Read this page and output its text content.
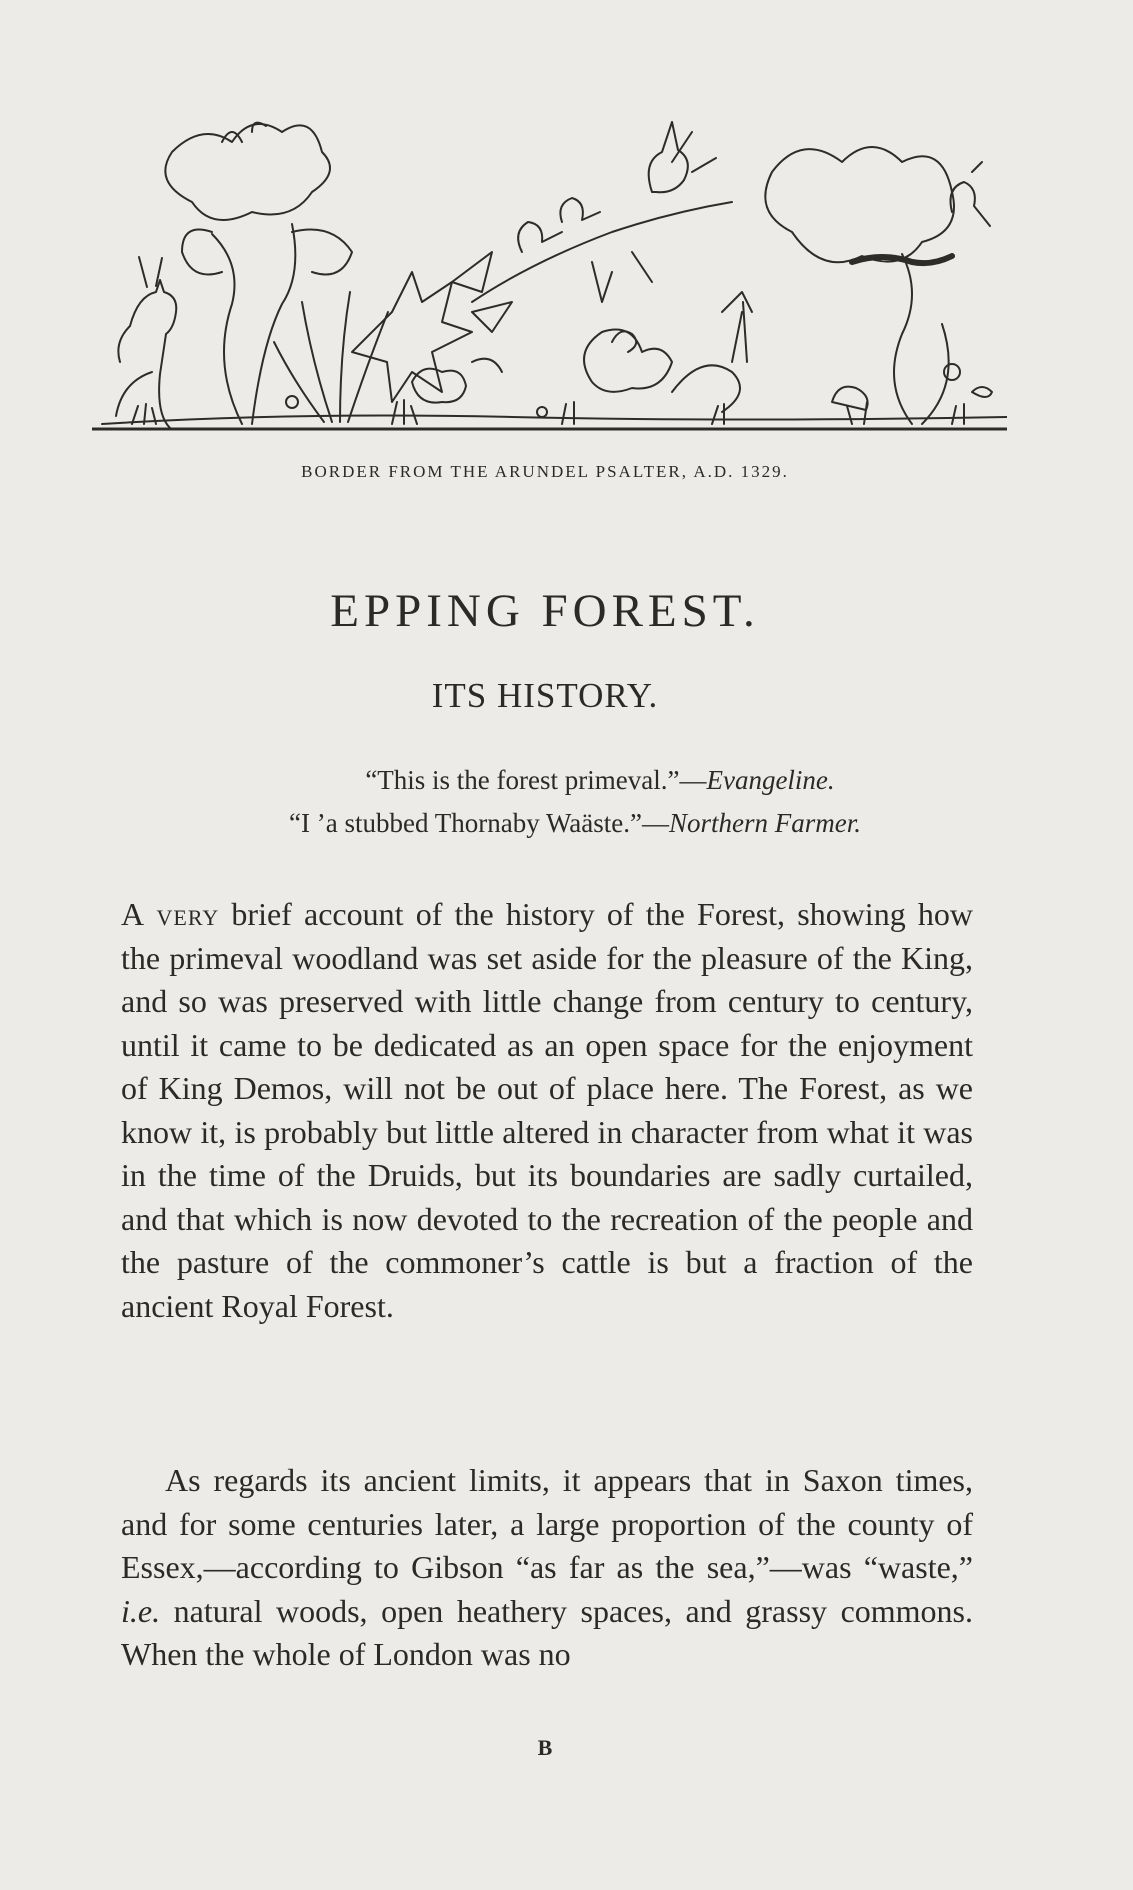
BORDER FROM THE ARUNDEL PSALTER, A.D. 1329.
EPPING FOREST.
ITS HISTORY.
“This is the forest primeval.”—Evangeline.
“I ’a stubbed Thornaby Waäste.”—Northern Farmer.

A very brief account of the history of the Forest, showing how the primeval woodland was set aside for the pleasure of the King, and so was preserved with little change from century to century, until it came to be dedicated as an open space for the enjoyment of King Demos, will not be out of place here. The Forest, as we know it, is probably but little altered in character from what it was in the time of the Druids, but its boundaries are sadly curtailed, and that which is now devoted to the recreation of the people and the pasture of the commoner’s cattle is but a fraction of the ancient Royal Forest.

As regards its ancient limits, it appears that in Saxon times, and for some centuries later, a large proportion of the county of Essex,—according to Gibson “as far as the sea,”—was “waste,” i.e. natural woods, open heathery spaces, and grassy commons. When the whole of London was no

B
